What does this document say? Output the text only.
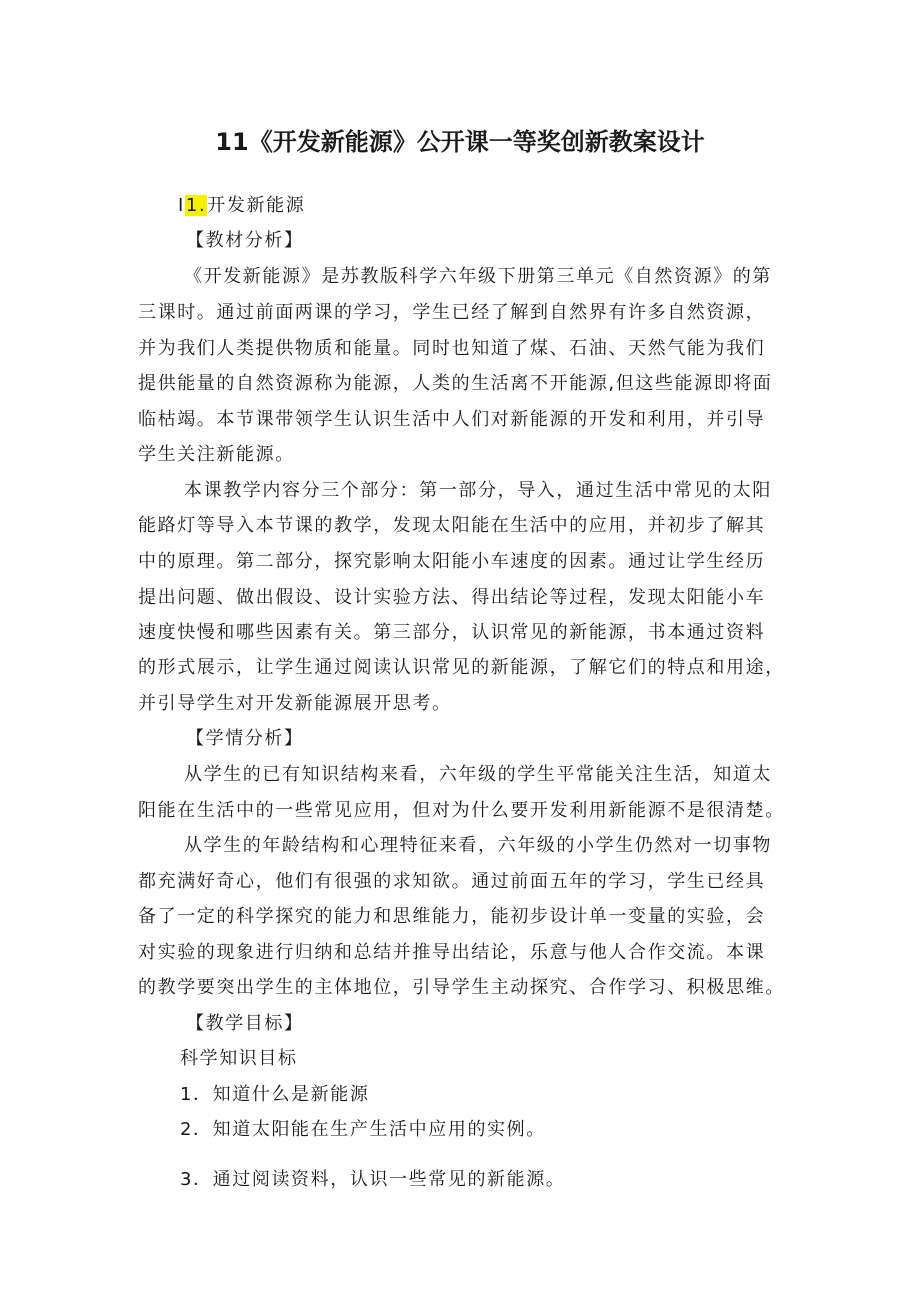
11《开发新能源》公开课一等奖创新教案设计
I1.开发新能源
【教材分析】
《开发新能源》是苏教版科学六年级下册第三单元《自然资源》的第
三课时。通过前面两课的学习，学生已经了解到自然界有许多自然资源，
并为我们人类提供物质和能量。同时也知道了煤、石油、天然气能为我们
提供能量的自然资源称为能源，人类的生活离不开能源,但这些能源即将面
临枯竭。本节课带领学生认识生活中人们对新能源的开发和利用，并引导
学生关注新能源。
本课教学内容分三个部分：第一部分，导入，通过生活中常见的太阳
能路灯等导入本节课的教学，发现太阳能在生活中的应用，并初步了解其
中的原理。第二部分，探究影响太阳能小车速度的因素。通过让学生经历
提出问题、做出假设、设计实验方法、得出结论等过程，发现太阳能小车
速度快慢和哪些因素有关。第三部分，认识常见的新能源，书本通过资料
的形式展示，让学生通过阅读认识常见的新能源，了解它们的特点和用途，
并引导学生对开发新能源展开思考。
【学情分析】
从学生的已有知识结构来看，六年级的学生平常能关注生活，知道太
阳能在生活中的一些常见应用，但对为什么要开发利用新能源不是很清楚。
从学生的年龄结构和心理特征来看，六年级的小学生仍然对一切事物
都充满好奇心，他们有很强的求知欲。通过前面五年的学习，学生已经具
备了一定的科学探究的能力和思维能力，能初步设计单一变量的实验，会
对实验的现象进行归纳和总结并推导出结论，乐意与他人合作交流。本课
的教学要突出学生的主体地位，引导学生主动探究、合作学习、积极思维。
【教学目标】
科学知识目标
1．知道什么是新能源
2．知道太阳能在生产生活中应用的实例。
3．通过阅读资料，认识一些常见的新能源。
